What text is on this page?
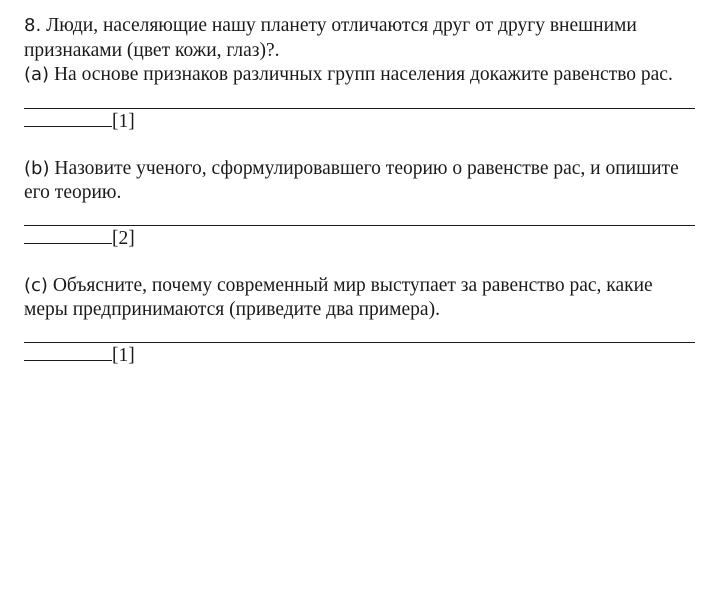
8. Люди, населяющие нашу планету отличаются друг от другу внешними признаками (цвет кожи, глаз)?.

(a) На основе признаков различных групп населения докажите равенство рас.

[1]

(b) Назовите ученого, сформулировавшего теорию о равенстве рас, и опишите его теорию.

[2]

(c) Объясните, почему современный мир выступает за равенство рас, какие меры предпринимаются (приведите два примера).

[1]
